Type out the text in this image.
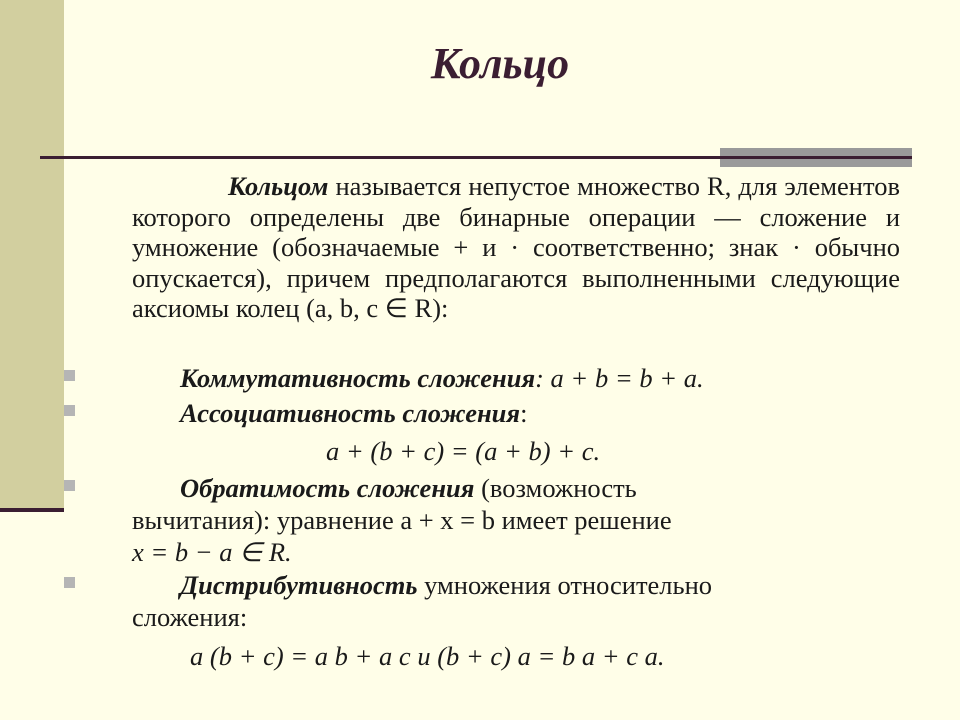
Кольцо
Кольцом называется непустое множество R, для элементов которого определены две бинарные операции — сложение и умножение (обозначаемые + и · соответственно; знак · обычно опускается), причем предполагаются выполненными следующие аксиомы колец (a, b, c ∈ R):
Коммутативность сложения: a + b = b + a.
Ассоциативность сложения:
a + (b + c) = (a + b) + c.
Обратимость сложения (возможность
вычитания): уравнение a + x = b имеет решение
x = b − a ∈ R.
Дистрибутивность умножения относительно
сложения:
a (b + c) = a b + a c и (b + c) a = b a + c a.
